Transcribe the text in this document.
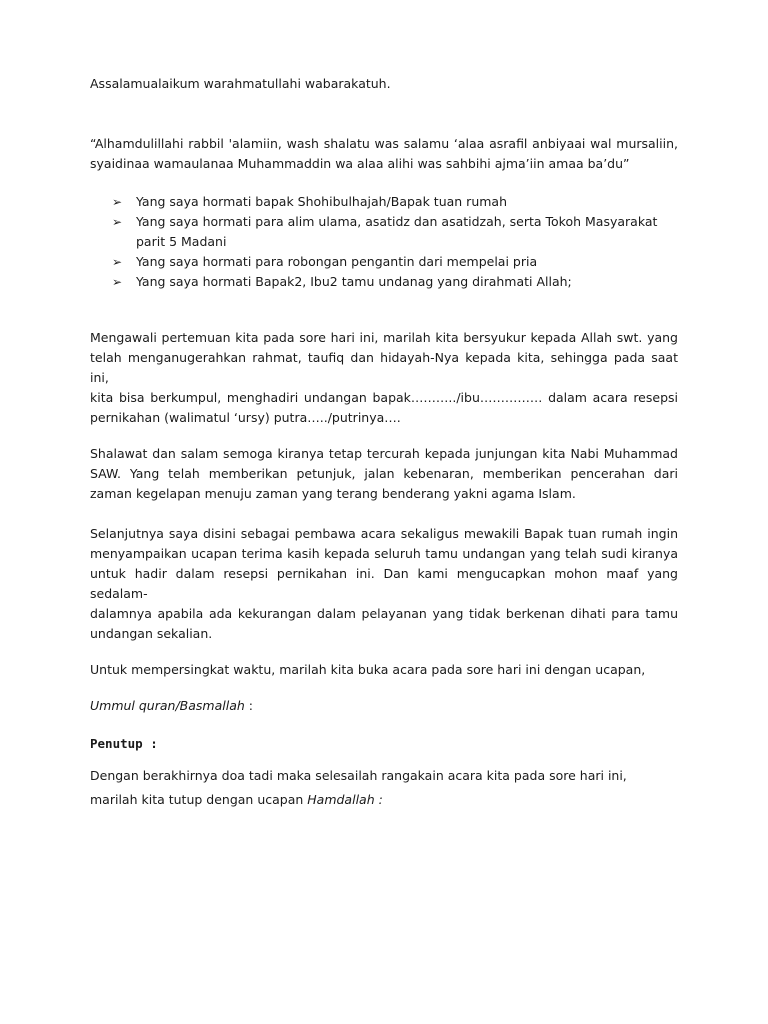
Assalamualaikum warahmatullahi wabarakatuh.

“Alhamdulillahi rabbil 'alamiin, wash shalatu was salamu ‘alaa asrafil anbiyaai wal mursaliin,
syaidinaa wamaulanaa Muhammaddin wa alaa alihi was sahbihi ajma’iin amaa ba’du”

➢ Yang saya hormati bapak Shohibulhajah/Bapak tuan rumah
➢ Yang saya hormati para alim ulama, asatidz dan asatidzah, serta Tokoh Masyarakat
parit 5 Madani
➢ Yang saya hormati para robongan pengantin dari mempelai pria
➢ Yang saya hormati Bapak2, Ibu2 tamu undanag yang dirahmati Allah;

Mengawali pertemuan kita pada sore hari ini, marilah kita bersyukur kepada Allah swt. yang
telah menganugerahkan rahmat, taufiq dan hidayah-Nya kepada kita, sehingga pada saat ini,
kita bisa berkumpul, menghadiri undangan bapak………../ibu…………… dalam acara resepsi
pernikahan (walimatul ‘ursy) putra…../putrinya….

Shalawat dan salam semoga kiranya tetap tercurah kepada junjungan kita Nabi Muhammad
SAW. Yang telah memberikan petunjuk, jalan kebenaran, memberikan pencerahan dari
zaman kegelapan menuju zaman yang terang benderang yakni agama Islam.

Selanjutnya saya disini sebagai pembawa acara sekaligus mewakili Bapak tuan rumah ingin
menyampaikan ucapan terima kasih kepada seluruh tamu undangan yang telah sudi kiranya
untuk hadir dalam resepsi pernikahan ini. Dan kami mengucapkan mohon maaf yang sedalam-
dalamnya apabila ada kekurangan dalam pelayanan yang tidak berkenan dihati para tamu
undangan sekalian.

Untuk mempersingkat waktu, marilah kita buka acara pada sore hari ini dengan ucapan,

Ummul quran/Basmallah :

Penutup :

Dengan berakhirnya doa tadi maka selesailah rangakain acara kita pada sore hari ini,
marilah kita tutup dengan ucapan Hamdallah :
